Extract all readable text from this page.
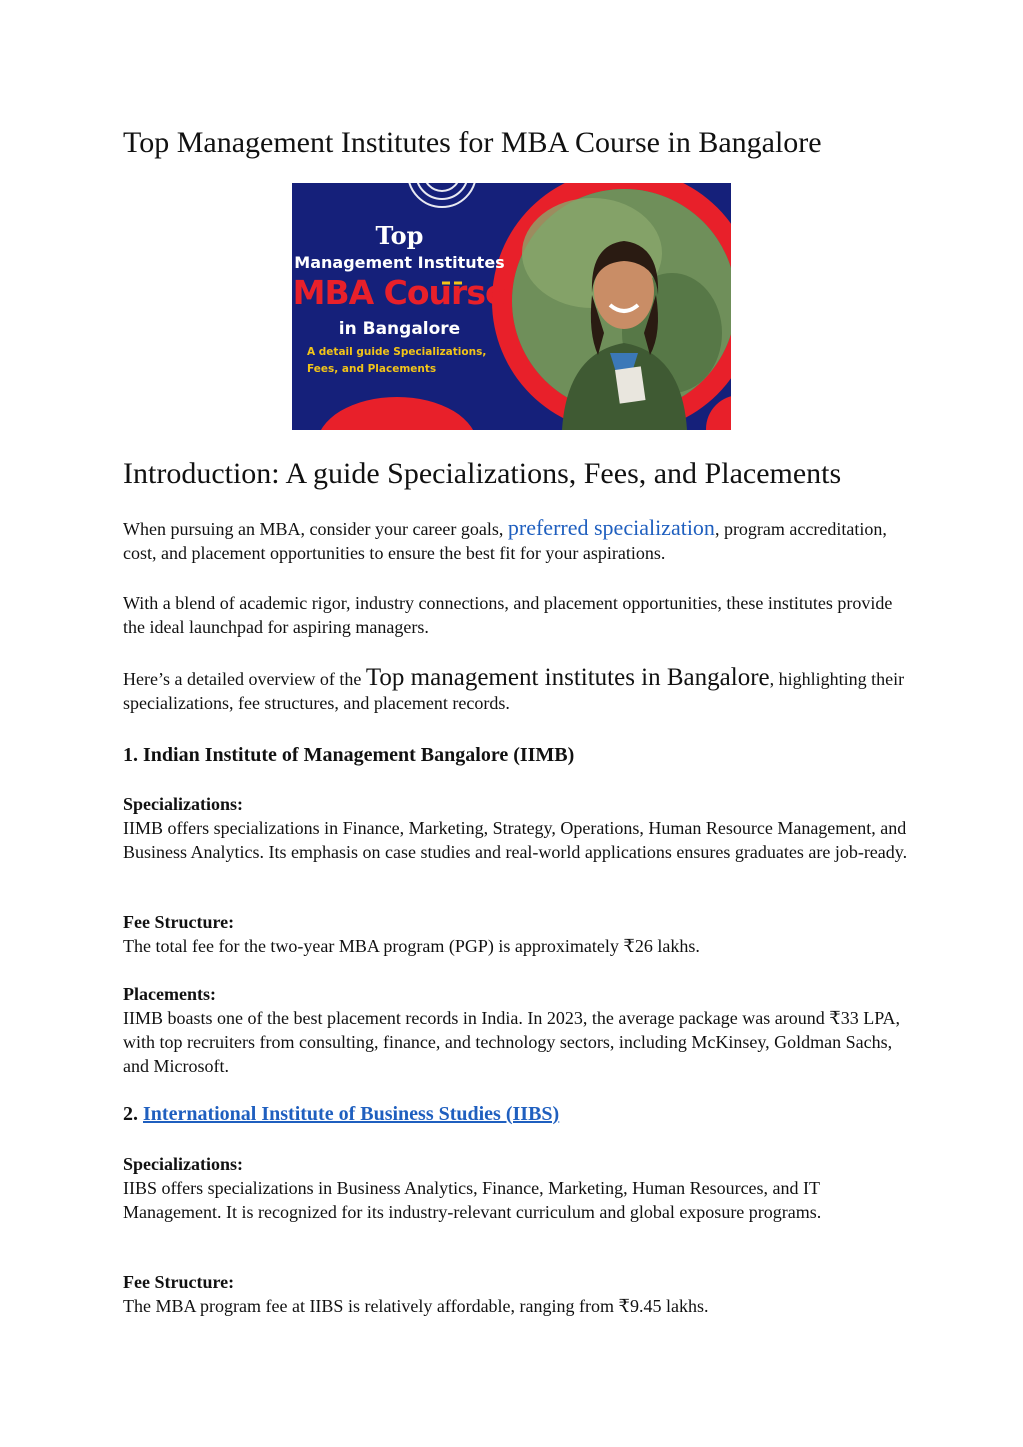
Top Management Institutes for MBA Course in Bangalore
Top
Management Institutes
MBA Course
in Bangalore
A detail guide Specializations,
Fees, and Placements
Introduction: A guide Specializations, Fees, and Placements

When pursuing an MBA, consider your career goals, preferred specialization, program accreditation, cost, and placement opportunities to ensure the best fit for your aspirations.

With a blend of academic rigor, industry connections, and placement opportunities, these institutes provide the ideal launchpad for aspiring managers.

Here’s a detailed overview of the Top management institutes in Bangalore, highlighting their specializations, fee structures, and placement records.

1. Indian Institute of Management Bangalore (IIMB)

Specializations:
IIMB offers specializations in Finance, Marketing, Strategy, Operations, Human Resource Management, and Business Analytics. Its emphasis on case studies and real-world applications ensures graduates are job-ready.

Fee Structure:
The total fee for the two-year MBA program (PGP) is approximately ₹26 lakhs.

Placements:
IIMB boasts one of the best placement records in India. In 2023, the average package was around ₹33 LPA, with top recruiters from consulting, finance, and technology sectors, including McKinsey, Goldman Sachs, and Microsoft.

2. International Institute of Business Studies (IIBS)

Specializations:
IIBS offers specializations in Business Analytics, Finance, Marketing, Human Resources, and IT Management. It is recognized for its industry-relevant curriculum and global exposure programs.

Fee Structure:
The MBA program fee at IIBS is relatively affordable, ranging from ₹9.45 lakhs.
